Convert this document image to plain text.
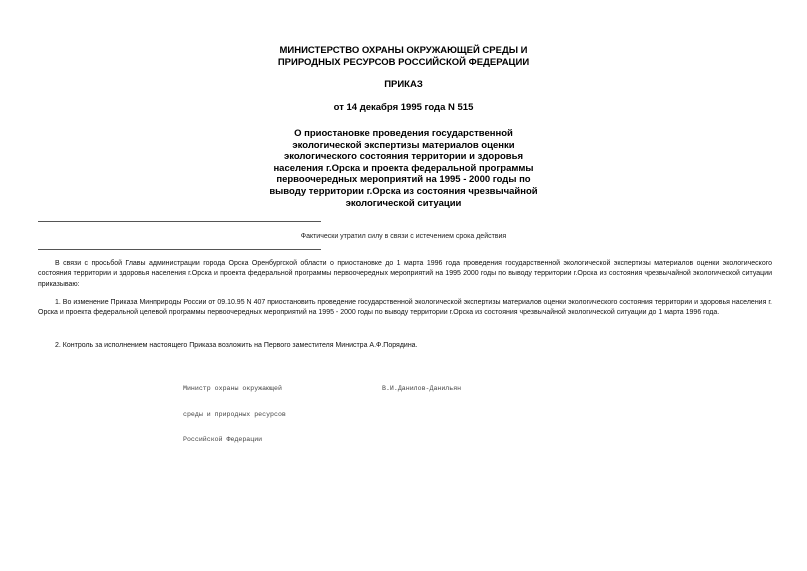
МИНИСТЕРСТВО ОХРАНЫ ОКРУЖАЮЩЕЙ СРЕДЫ И
ПРИРОДНЫХ РЕСУРСОВ РОССИЙСКОЙ ФЕДЕРАЦИИ
ПРИКАЗ
от 14 декабря 1995 года N 515
О приостановке проведения государственной
экологической экспертизы материалов оценки
экологического состояния территории и здоровья
населения г.Орска и проекта федеральной программы
первоочередных мероприятий на 1995 - 2000 годы по
выводу территории г.Орска из состояния чрезвычайной
экологической ситуации
Фактически утратил силу в связи с истечением срока действия
В связи с просьбой Главы администрации города Орска Оренбургской области о приостановке до 1 марта 1996 года проведения государственной экологической экспертизы материалов оценки экологического состояния территории и здоровья населения г.Орска и проекта федеральной программы первоочередных мероприятий на 1995 2000 годы по выводу территории г.Орска из состояния чрезвычайной экологической ситуации приказываю:
1. Во изменение Приказа Минприроды России от 09.10.95 N 407 приостановить проведение государственной экологической экспертизы материалов оценки экологического состояния территории и здоровья населения г. Орска и проекта федеральной целевой программы первоочередных мероприятий на 1995 - 2000 годы по выводу территории г.Орска из состояния чрезвычайной экологической ситуации до 1 марта 1996 года.
2. Контроль за исполнением настоящего Приказа возложить на Первого заместителя Министра А.Ф.Порядина.

Министр охраны окружающей

среды и природных ресурсов

Российской Федерации

В.И.Данилов-Данильян
